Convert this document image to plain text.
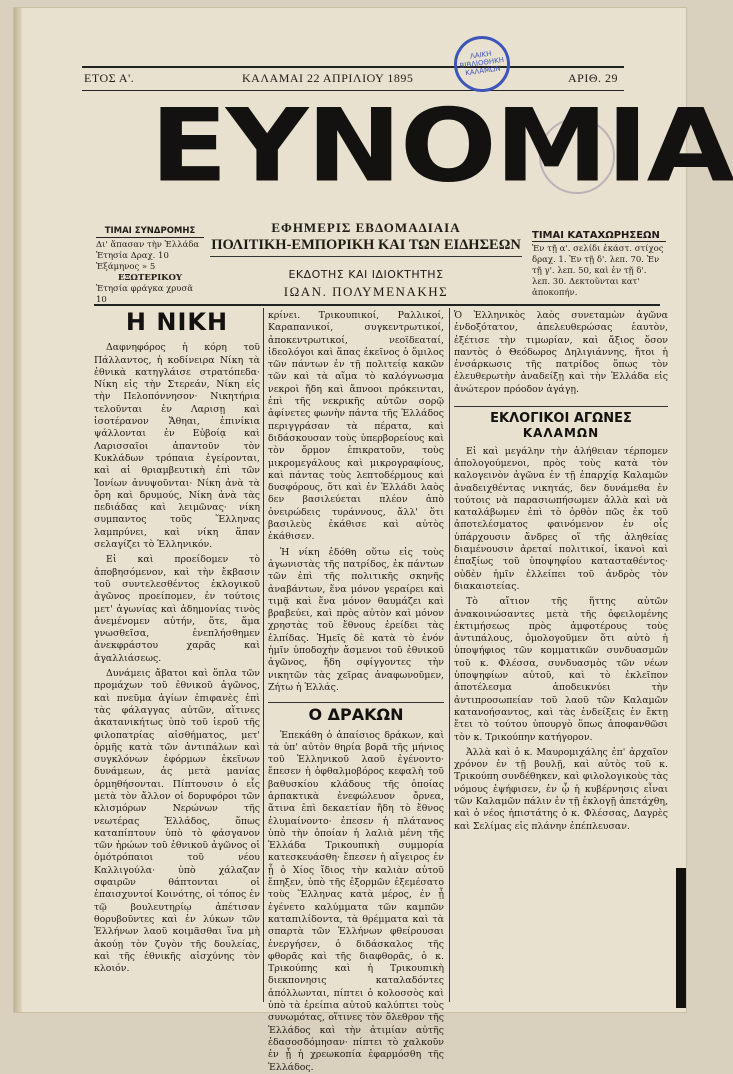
ΕΤΟΣ Α'.	ΚΑΛΑΜΑΙ 22 ΑΠΡΙΛΙΟΥ 1895	ΑΡΙΘ. 29
ΛΑΙΚΗ ΒΙΒΛΙΟΘΗΚΗ ΚΑΛΑΜΩΝ
ΕΥΝΟΜΙΑ
ΤΙΜΑΙ ΣΥΝΔΡΟΜΗΣ
Δι' ἅπασαν τὴν Ἑλλάδα
Ἐτησία Δραχ. 10
Ἑξάμηνος » 5
ΕΞΩΤΕΡΙΚΟΥ
Ἐτησία φράγκα χρυσᾶ 10
ΕΦΗΜΕΡΙΣ ΕΒΔΟΜΑΔΙΑΙΑ
ΠΟΛΙΤΙΚΗ-ΕΜΠΟΡΙΚΗ ΚΑΙ ΤΩΝ ΕΙΔΗΣΕΩΝ
ΕΚΔΟΤΗΣ ΚΑΙ ΙΔΙΟΚΤΗΤΗΣ
ΙΩΑΝ. ΠΟΛΥΜΕΝΑΚΗΣ
ΤΙΜΑΙ ΚΑΤΑΧΩΡΗΣΕΩΝ
Ἐν τῇ α'. σελίδι ἑκάστ. στίχος δραχ. 1. Ἐν τῇ δ'. λεπ. 70. Ἐν τῇ γ'. λεπ. 50, καὶ ἐν τῇ δ'. λεπ. 30. Δεκτοῦνται κατ' ἀποκοπήν.
Η ΝΙΚΗ

Δαφνηφόρος ἡ κόρη τοῦ Πάλλαντος, ἡ κοδίνειρα Νίκη τὰ ἐθνικὰ κατηγλάισε στρατόπεδα· Νίκη εἰς τὴν Στερεάν, Νίκη εἰς τὴν Πελοπόννησον· Νικητήρια τελοῦνται ἐν Λαρισῃ καὶ ἰσοτέρανον Ἄθηαι, ἐπινίκια ψάλλονται ἐν Εὐβοίᾳ καὶ Λαρισσαῖοι ἀπαντοῦν τὸν Κυκλάδων τρόπαια ἐγείρονται, καὶ αἱ θριαμβευτικὴ ἐπὶ τῶν Ἰονίων ἀνυψοῦνται· Νίκη ἀνὰ τὰ ὄρη καὶ δρυμούς, Νίκη ἀνὰ τὰς πεδιάδας καὶ λειμῶνας· νίκη συμπαντος τοῦς Ἕλληνας λαμπρύνει, καὶ νίκη ἅπαν σελαγίζει τὸ Ἑλληνικόν.

Εἰ καὶ προείδομεν τὸ ἀποβησόμενον, καὶ τὴν ἔκβασιν τοῦ συντελεσθέντος ἐκλογικοῦ ἀγῶνος προείπομεν, ἐν τούτοις μετ' ἀγωνίας καὶ ἀδημονίας τινὸς ἀνεμένομεν αὐτήν, ὅτε, ἅμα γνωσθεῖσα, ἐνεπλήσθημεν ἀνεκφράστου χαρᾶς καὶ ἀγαλλιάσεως.

Δυνάμεις ἄβατοι καὶ ὅπλα τῶν προμάχων τοῦ ἐθνικοῦ ἀγῶνος, καὶ πνεῦμα ἁγίων ἐπιφανὲς ἐπὶ τὰς φάλαγγας αὐτῶν, αἵτινες ἀκατανικήτως ὑπὸ τοῦ ἱεροῦ τῆς φιλοπατρίας αἰσθήματος, μετ' ὁρμῆς κατὰ τῶν ἀντιπάλων καὶ συγκλόνων ἐφόρμων ἐκεῖνων δυνάμεων, ἀς μετὰ μανίας ὁρμηθήσονται. Πίπτουσιν ὁ εἷς μετὰ τὸν ἄλλον οἱ δορυφόροι τῶν κλισμόρων Νερώνων τῆς νεωτέρας Ἑλλάδος, ὅπως καταπίπτουν ὑπὸ τὸ φάσγανον τῶν ἡρώων τοῦ ἐθνικοῦ ἀγῶνος οἱ ὁμότρόπαιοι τοῦ νέου Καλλιγούλα· ὑπὸ χάλαζαν σφαιρῶν θάπτονται οἱ ἐπαισχυντοί Κοινότης, οἱ τόπος ἐν τῷ βουλευτηρίῳ ἀπέτισαν θορυβοῦντες καὶ ἐν λύκων τῶν Ἑλλήνων λαοῦ κοιμᾶσθαι ἵνα μὴ ἀκούῃ τὸν ζυγὸν τῆς δουλείας, καὶ τῆς ἐθνικῆς αἰσχύνης τὸν κλοιόν.

κρίνει. Τρικουπικοί, Ραλλικοί, Καραπανικοί, συγκεντρωτικοί, ἀποκεντρωτικοί, νεοϊδεαταί, ἰδεολόγοι καὶ ἅπας ἐκεῖνος ὁ ὅμιλος τῶν πάντων ἐν τῇ πολιτείᾳ κακῶν τῶν καὶ τὰ αἵμα τὸ καλόγνωσμα νεκροὶ ἤδη καὶ ἄπνοοι πρόκεινται, ἐπὶ τῆς νεκρικῆς αὐτῶν σορῷ ἀφίνετες φωνὴν πάντα τῆς Ἑλλάδος περιγγράσαν τὰ πέρατα, καὶ διδάσκουσαν τοὺς ὑπερβορείους καὶ τὸν ὄρμον ἐπικρατοῦν, τοὺς μικρομεγάλους καὶ μικρογραφίους, καὶ πάντας τοὺς λεπτοδέρμους καὶ δυσφόρους, ὅτι καὶ ἐν Ἑλλάδι λαὸς δεν βασιλεύεται πλέον ἀπὸ ὀνειρώδεις τυράννους, ἄλλ' ὅτι βασιλεὺς ἐκάθισε καὶ αὐτὸς ἐκάθισεν.

Ἡ νίκη ἐδόθη οὕτω εἰς τοὺς ἀγωνιστὰς τῆς πατρίδος, ἐκ πάντων τῶν ἐπὶ τῆς πολιτικῆς σκηνῆς ἀναβάντων, ἕνα μόνον γεραίρει καὶ τιμᾷ καὶ ἕνα μόνον θαυμάζει καὶ βραβεύει, καὶ πρὸς αὐτὸν καὶ μόνον χρηστὰς τοῦ ἔθνους ἐρείδει τὰς ἐλπίδας. Ἡμεῖς δὲ κατὰ τὸ ἐνόν ἡμῖν ὑποδοχὴν ἄσμενοι τοῦ ἐθνικοῦ ἀγῶνος, ἤδη σφίγγοντες τὴν νικητῶν τὰς χεῖρας ἀναφωνοῦμεν, Ζήτω ἡ Ἑλλάς.

Ο ΔΡΑΚΩΝ

Ἐπεκάθη ὁ ἀπαίσιος δράκων, καὶ τὰ ὑπ' αὐτὸν θηρία βορᾶ τῆς μήνιος τοῦ Ἑλληνικοῦ λαοῦ ἐγένοντο· ἔπεσεν ἡ ὀφθαλμοβόρος κεφαλὴ τοῦ βαθυσκίου κλάδους τῆς ὁποίας ἁρπακτικὰ ἐνεφώλευον ὄρνεα, ἅτινα ἐπὶ δεκαετίαν ἤδη τὸ ἔθνος ἐλυμαίνοντο· ἐπεσεν ἡ πλάτανος ὑπὸ τὴν ὁποίαν ἡ λαλιὰ μένη τῆς Ἑλλάδα Τρικουπικὴ συμμορία κατεσκευάσθη· ἔπεσεν ἡ αἴγειρος ἐν ᾗ ὁ Χίος ἴδιος τὴν καλιὰν αὐτοῦ ἔπηξεν, ὑπὸ τῆς ἐξορμῶν ἐξεμέσατο τοὺς Ἕλληνας κατὰ μέρος, ἐν ᾗ ἐγένετο καλύμματα τῶν καμπῶν καταπιλίδοντα, τὰ θρέμματα καὶ τὰ σπαρτὰ τῶν Ἑλλήνων φθείρουσαι ἐνεργήσεν, ὁ διδάσκαλος τῆς φθορᾶς καὶ τῆς διαφθορᾶς, ὁ κ. Τρικούπης καὶ ἡ Τρικουπικὴ διεκπονησις καταλαδόντες ἀπόλλωνται, πίπτει ὁ κολοσσὸς καὶ ὑπὸ τὰ ἐρείπια αὐτοῦ καλύπτει τοὺς συνωμότας, οἵτινες τὸν ὄλεθρον τῆς Ἑλλάδος καὶ τὴν ἀτιμίαν αὐτῆς ἐδασοσδόμησαν· πίπτει τὸ χαλκοῦν ἐν ᾗ ἡ χρεωκοπία ἐφαρμόσθη τῆς Ἑλλάδος.

Ὁ Ἑλληνικὸς λαὸς συνεταμὼν ἀγῶνα ἐνδοξότατον, ἀπελευθερώσας ἑαυτὸν, ἐξέτισε τὴν τιμωρίαν, καὶ ἄξιος ὅσον παντὸς ὁ Θεόδωρος Δηλιγιάννης, ἤτοι ἡ ἐνσάρκωσις τῆς πατρίδος ὅπως τὸν ἐλευθερωτὴν ἀναδείξῃ καὶ τὴν Ἑλλάδα εἰς ἀνώτερον πρόοδον ἀγάγῃ.

ΕΚΛΟΓΙΚΟΙ ΑΓΩΝΕΣ
ΚΑΛΑΜΩΝ

Εἰ καὶ μεγάλην τὴν ἀλήθειαν τέρπομεν ἀπολογούμενοι, πρὸς τοὺς κατὰ τὸν καλογεινὸν ἀγῶνα ἐν τῇ ἐπαρχίᾳ Καλαμῶν ἀναδειχθέντας νικητάς, δεν δυνάμεθα ἐν τούτοις νὰ παρασιωπήσωμεν ἀλλὰ καὶ νὰ καταλάβωμεν ἐπὶ τὸ ὀρθὸν πῶς ἐκ τοῦ ἀποτελέσματος φαινόμενον ἐν οἷς ὑπάρχουσιν ἄνδρες οἵ τῆς ἀληθείας διαμένουσιν ἀρεταί πολιτικοί, ἰκανοὶ καὶ ἐπαξίως τοῦ ὑποψηφίου κατασταθέντος· οὐδὲν ἡμῖν ἐλλείπει τοῦ ἀνδρὸς τὸν διακαιοτείας.

Τὸ αἴτιον τῆς ἥττης αὐτῶν ἀνακοινώσαντες μετὰ τῆς ὀφειλομένης ἐκτιμήσεως πρὸς ἀμφοτέρους τοὺς ἀντιπάλους, ὁμολογοῦμεν ὅτι αὐτὸ ἡ ὑποψήφιος τῶν κομματικῶν συνδυασμῶν τοῦ κ. Φλέσσα, συνδυασμὸς τῶν νέων ὑποψηφίων αὐτοῦ, καὶ τὸ ἐκλεῖπον ἀποτέλεσμα ἀποδεικνύει τὴν ἀντιπροσωπείαν τοῦ λαοῦ τῶν Καλαμῶν κατανοήσαντος, καὶ τὰς ἐνδείξεις ἐν ἔκτῃ ἔτει τὸ τούτου ὑπουργὸ ὅπως ἀποφανθῶσι τὸν κ. Τρικούπην κατήγορον.

Ἀλλὰ καὶ ὁ κ. Μαυρομιχάλης ἐπ' ἀρχαῖον χρόνον ἐν τῇ βουλῇ, καὶ αὐτὸς τοῦ κ. Τρικούπη συνδέθηκεν, καὶ φιλολογικοὺς τὰς νόμους ἐψήφισεν, ἐν ᾧ ἡ κυβέρνησις εἶναι τῶν Καλαμῶν πάλιν ἐν τῇ ἐκλογῇ ἀπετάχθη, καὶ ὁ νέος ἠπιστάτης ὁ κ. Φλέσσας, Δαγρὲς καὶ Σελίμας εἰς πλάνην ἐπέπλευσαν.
